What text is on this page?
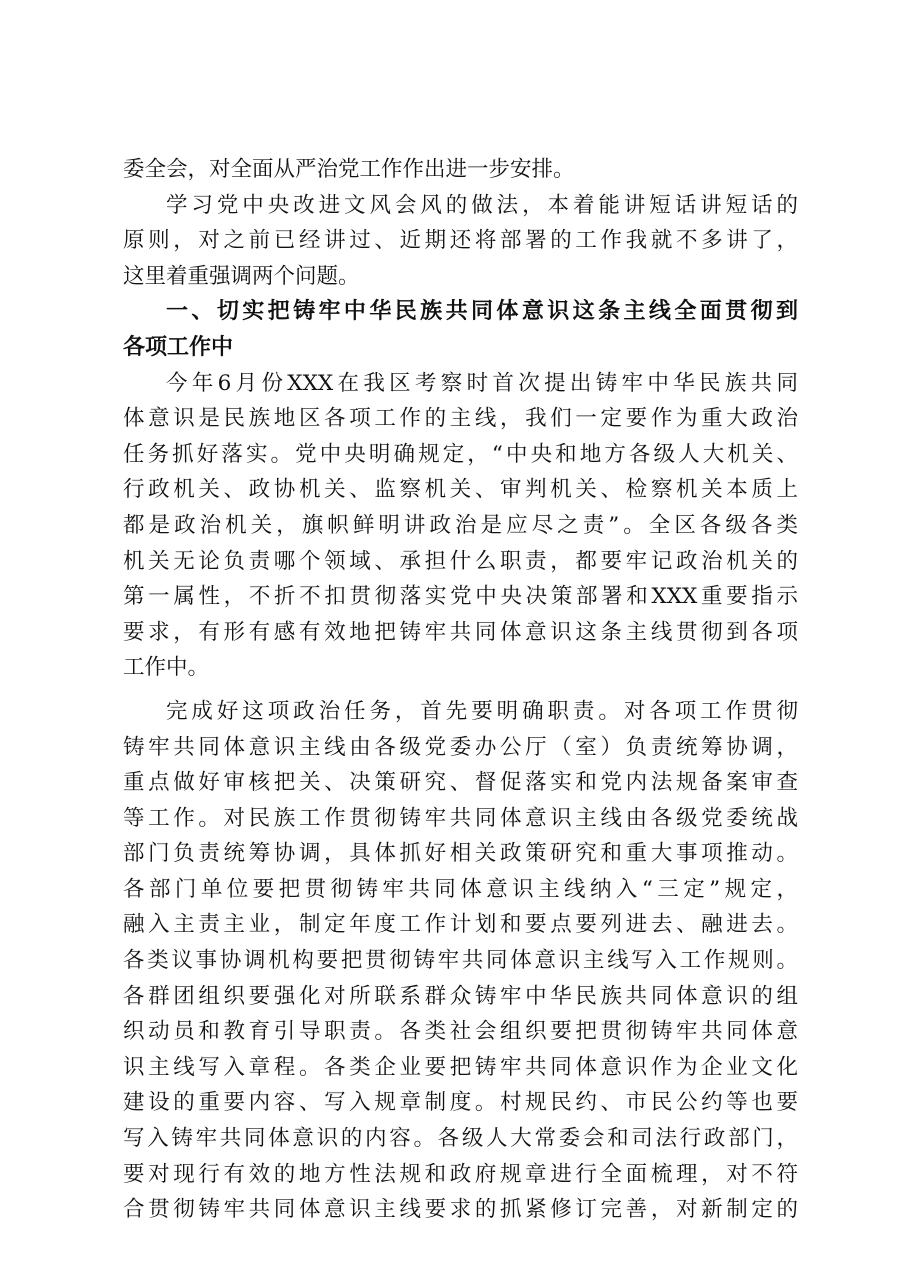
委全会，对全面从严治党工作作出进一步安排。
学习党中央改进文风会风的做法，本着能讲短话讲短话的
原则，对之前已经讲过、近期还将部署的工作我就不多讲了，
这里着重强调两个问题。
一、切实把铸牢中华民族共同体意识这条主线全面贯彻到
各项工作中
今年6月份XXX在我区考察时首次提出铸牢中华民族共同
体意识是民族地区各项工作的主线，我们一定要作为重大政治
任务抓好落实。党中央明确规定，“中央和地方各级人大机关、
行政机关、政协机关、监察机关、审判机关、检察机关本质上
都是政治机关，旗帜鲜明讲政治是应尽之责”。全区各级各类
机关无论负责哪个领域、承担什么职责，都要牢记政治机关的
第一属性，不折不扣贯彻落实党中央决策部署和XXX重要指示
要求，有形有感有效地把铸牢共同体意识这条主线贯彻到各项
工作中。
完成好这项政治任务，首先要明确职责。对各项工作贯彻
铸牢共同体意识主线由各级党委办公厅（室）负责统筹协调，
重点做好审核把关、决策研究、督促落实和党内法规备案审查
等工作。对民族工作贯彻铸牢共同体意识主线由各级党委统战
部门负责统筹协调，具体抓好相关政策研究和重大事项推动。
各部门单位要把贯彻铸牢共同体意识主线纳入“三定”规定，
融入主责主业，制定年度工作计划和要点要列进去、融进去。
各类议事协调机构要把贯彻铸牢共同体意识主线写入工作规则。
各群团组织要强化对所联系群众铸牢中华民族共同体意识的组
织动员和教育引导职责。各类社会组织要把贯彻铸牢共同体意
识主线写入章程。各类企业要把铸牢共同体意识作为企业文化
建设的重要内容、写入规章制度。村规民约、市民公约等也要
写入铸牢共同体意识的内容。各级人大常委会和司法行政部门，
要对现行有效的地方性法规和政府规章进行全面梳理，对不符
合贯彻铸牢共同体意识主线要求的抓紧修订完善，对新制定的
